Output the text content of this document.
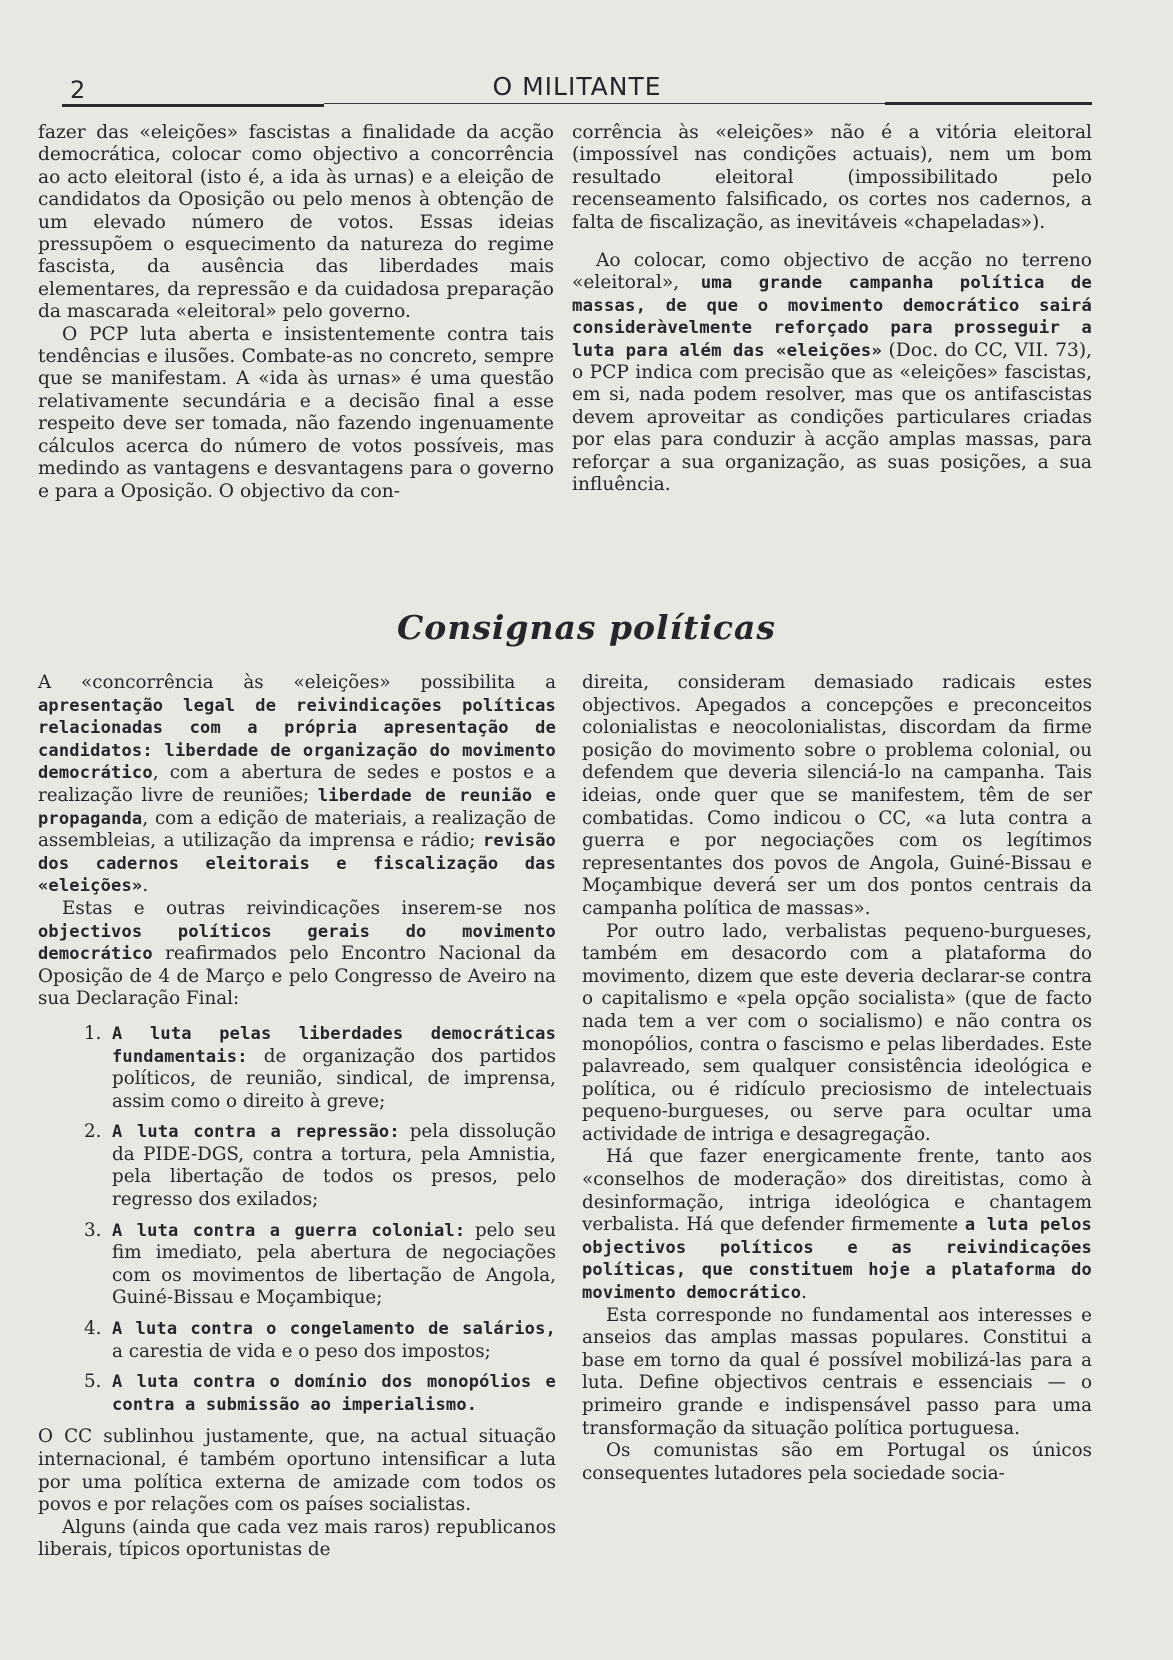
2	O MILITANTE

fazer das «eleições» fascistas a finalidade da acção democrática, colocar como objectivo a concorrência ao acto eleitoral (isto é, a ida às urnas) e a eleição de candidatos da Oposição ou pelo menos à obtenção de um elevado número de votos. Essas ideias pressupõem o esquecimento da natureza do regime fascista, da ausência das liberdades mais elementares, da repressão e da cuidadosa preparação da mascarada «eleitoral» pelo governo.

O PCP luta aberta e insistentemente contra tais tendências e ilusões. Combate-as no concreto, sempre que se manifestam. A «ida às urnas» é uma questão relativamente secundária e a decisão final a esse respeito deve ser tomada, não fazendo ingenuamente cálculos acerca do número de votos possíveis, mas medindo as vantagens e desvantagens para o governo e para a Oposição. O objectivo da con-

corrência às «eleições» não é a vitória eleitoral (impossível nas condições actuais), nem um bom resultado eleitoral (impossibilitado pelo recenseamento falsificado, os cortes nos cadernos, a falta de fiscalização, as inevitáveis «chapeladas»).

Ao colocar, como objectivo de acção no terreno «eleitoral», uma grande campanha política de massas, de que o movimento democrático sairá consideràvelmente reforçado para prosseguir a luta para além das «eleições» (Doc. do CC, VII. 73), o PCP indica com precisão que as «eleições» fascistas, em si, nada podem resolver, mas que os antifascistas devem aproveitar as condições particulares criadas por elas para conduzir à acção amplas massas, para reforçar a sua organização, as suas posições, a sua influência.

Consignas políticas

A «concorrência às «eleições» possibilita a apresentação legal de reivindicações políticas relacionadas com a própria apresentação de candidatos: liberdade de organização do movimento democrático, com a abertura de sedes e postos e a realização livre de reuniões; liberdade de reunião e propaganda, com a edição de materiais, a realização de assembleias, a utilização da imprensa e rádio; revisão dos cadernos eleitorais e fiscalização das «eleições».

Estas e outras reivindicações inserem-se nos objectivos políticos gerais do movimento democrático reafirmados pelo Encontro Nacional da Oposição de 4 de Março e pelo Congresso de Aveiro na sua Declaração Final:

1. A luta pelas liberdades democráticas fundamentais: de organização dos partidos políticos, de reunião, sindical, de imprensa, assim como o direito à greve;
2. A luta contra a repressão: pela dissolução da PIDE-DGS, contra a tortura, pela Amnistia, pela libertação de todos os presos, pelo regresso dos exilados;
3. A luta contra a guerra colonial: pelo seu fim imediato, pela abertura de negociações com os movimentos de libertação de Angola, Guiné-Bissau e Moçambique;
4. A luta contra o congelamento de salários, a carestia de vida e o peso dos impostos;
5. A luta contra o domínio dos monopólios e contra a submissão ao imperialismo.

O CC sublinhou justamente, que, na actual situação internacional, é também oportuno intensificar a luta por uma política externa de amizade com todos os povos e por relações com os países socialistas.

Alguns (ainda que cada vez mais raros) republicanos liberais, típicos oportunistas de

direita, consideram demasiado radicais estes objectivos. Apegados a concepções e preconceitos colonialistas e neocolonialistas, discordam da firme posição do movimento sobre o problema colonial, ou defendem que deveria silenciá-lo na campanha. Tais ideias, onde quer que se manifestem, têm de ser combatidas. Como indicou o CC, «a luta contra a guerra e por negociações com os legítimos representantes dos povos de Angola, Guiné-Bissau e Moçambique deverá ser um dos pontos centrais da campanha política de massas».

Por outro lado, verbalistas pequeno-burgueses, também em desacordo com a plataforma do movimento, dizem que este deveria declarar-se contra o capitalismo e «pela opção socialista» (que de facto nada tem a ver com o socialismo) e não contra os monopólios, contra o fascismo e pelas liberdades. Este palavreado, sem qualquer consistência ideológica e política, ou é ridículo preciosismo de intelectuais pequeno-burgueses, ou serve para ocultar uma actividade de intriga e desagregação.

Há que fazer energicamente frente, tanto aos «conselhos de moderação» dos direitistas, como à desinformação, intriga ideológica e chantagem verbalista. Há que defender firmemente a luta pelos objectivos políticos e as reivindicações políticas, que constituem hoje a plataforma do movimento democrático.

Esta corresponde no fundamental aos interesses e anseios das amplas massas populares. Constitui a base em torno da qual é possível mobilizá-las para a luta. Define objectivos centrais e essenciais — o primeiro grande e indispensável passo para uma transformação da situação política portuguesa.

Os comunistas são em Portugal os únicos consequentes lutadores pela sociedade socia-
